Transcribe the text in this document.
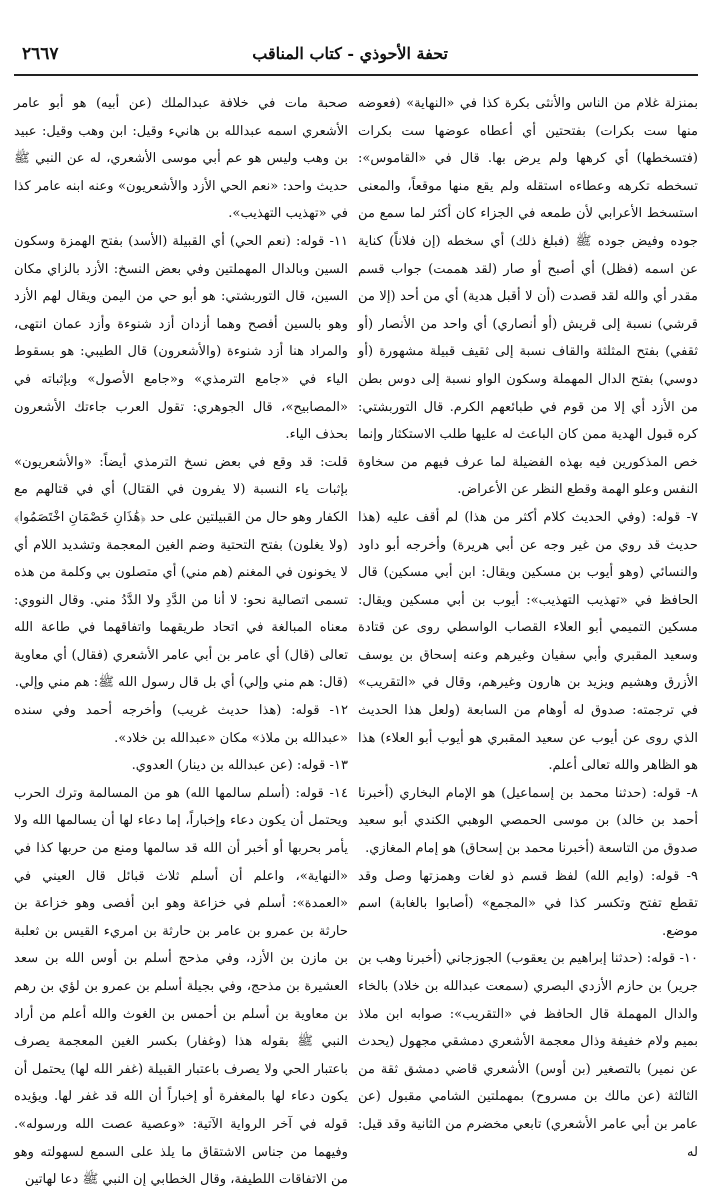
تحفة الأحوذي - كتاب المناقب
٢٦٦٧

بمنزلة غلام من الناس والأنثى بكرة كذا في «النهاية» (فعوضه منها ست بكرات) بفتحتين أي أعطاه عوضها ست بكرات (فتسخطها) أي كرهها ولم يرض بها. قال في «القاموس»: تسخطه تكرهه وعطاءه استقله ولم يقع منها موقعاً، والمعنى استسخط الأعرابي لأن طمعه في الجزاء كان أكثر لما سمع من جوده وفيض جوده ﷺ (فبلغ ذلك) أي سخطه (إن فلاناً) كناية عن اسمه (فظل) أي أصبح أو صار (لقد هممت) جواب قسم مقدر أي والله لقد قصدت (أن لا أقبل هدية) أي من أحد (إلا من قرشي) نسبة إلى قريش (أو أنصاري) أي واحد من الأنصار (أو ثقفي) بفتح المثلثة والقاف نسبة إلى ثقيف قبيلة مشهورة (أو دوسي) بفتح الدال المهملة وسكون الواو نسبة إلى دوس بطن من الأزد أي إلا من قوم في طبائعهم الكرم. قال التوربشتي: كره قبول الهدية ممن كان الباعث له عليها طلب الاستكثار وإنما خص المذكورين فيه بهذه الفضيلة لما عرف فيهم من سخاوة النفس وعلو الهمة وقطع النظر عن الأعراض.

٧- قوله: (وفي الحديث كلام أكثر من هذا) لم أقف عليه (هذا حديث قد روي من غير وجه عن أبي هريرة) وأخرجه أبو داود والنسائي (وهو أيوب بن مسكين ويقال: ابن أبي مسكين) قال الحافظ في «تهذيب التهذيب»: أيوب بن أبي مسكين ويقال: مسكين التميمي أبو العلاء القصاب الواسطي روى عن قتادة وسعيد المقبري وأبي سفيان وغيرهم وعنه إسحاق بن يوسف الأزرق وهشيم ويزيد بن هارون وغيرهم، وقال في «التقريب» في ترجمته: صدوق له أوهام من السابعة (ولعل هذا الحديث الذي روى عن أيوب عن سعيد المقبري هو أيوب أبو العلاء) هذا هو الظاهر والله تعالى أعلم.

٨- قوله: (حدثنا محمد بن إسماعيل) هو الإمام البخاري (أخبرنا أحمد بن خالد) بن موسى الحمصي الوهبي الكندي أبو سعيد صدوق من التاسعة (أخبرنا محمد بن إسحاق) هو إمام المغازي.

٩- قوله: (وايم الله) لفظ قسم ذو لغات وهمزتها وصل وقد تقطع تفتح وتكسر كذا في «المجمع» (أصابوا بالغابة) اسم موضع.

١٠- قوله: (حدثنا إبراهيم بن يعقوب) الجوزجاني (أخبرنا وهب بن جرير) بن حازم الأزدي البصري (سمعت عبدالله بن خلاد) بالخاء والدال المهملة قال الحافظ في «التقريب»: صوابه ابن ملاذ بميم ولام خفيفة وذال معجمة الأشعري دمشقي مجهول (يحدث عن نمير) بالتصغير (بن أوس) الأشعري قاضي دمشق ثقة من الثالثة (عن مالك بن مسروح) بمهملتين الشامي مقبول (عن عامر بن أبي عامر الأشعري) تابعي مخضرم من الثانية وقد قيل: له

صحبة مات في خلافة عبدالملك (عن أبيه) هو أبو عامر الأشعري اسمه عبدالله بن هانيء وقيل: ابن وهب وقيل: عبيد بن وهب وليس هو عم أبي موسى الأشعري، له عن النبي ﷺ حديث واحد: «نعم الحي الأزد والأشعريون» وعنه ابنه عامر كذا في «تهذيب التهذيب».

١١- قوله: (نعم الحي) أي القبيلة (الأسد) بفتح الهمزة وسكون السين وبالدال المهملتين وفي بعض النسخ: الأزد بالزاي مكان السين، قال التوربشتي: هو أبو حي من اليمن ويقال لهم الأزد وهو بالسين أفصح وهما أزدان أزد شنوءة وأزد عمان انتهى، والمراد هنا أزد شنوءة (والأشعرون) قال الطيبي: هو بسقوط الياء في «جامع الترمذي» و«جامع الأصول» وبإثباته في «المصابيح»، قال الجوهري: تقول العرب جاءتك الأشعرون بحذف الياء.

قلت: قد وقع في بعض نسخ الترمذي أيضاً: «والأشعريون» بإثبات ياء النسبة (لا يفرون في القتال) أي في قتالهم مع الكفار وهو حال من القبيلتين على حد ﴿هَٰذَانِ خَصْمَانِ اخْتَصَمُوا﴾ (ولا يغلون) بفتح التحتية وضم الغين المعجمة وتشديد اللام أي لا يخونون في المغنم (هم مني) أي متصلون بي وكلمة من هذه تسمى اتصالية نحو: لا أنا من الدَّدِ ولا الدَّدُ مني. وقال النووي: معناه المبالغة في اتحاد طريقهما واتفاقهما في طاعة الله تعالى (قال) أي عامر بن أبي عامر الأشعري (فقال) أي معاوية (قال: هم مني وإلي) أي بل قال رسول الله ﷺ: هم مني وإلي.

١٢- قوله: (هذا حديث غريب) وأخرجه أحمد وفي سنده «عبدالله بن ملاذ» مكان «عبدالله بن خلاد».

١٣- قوله: (عن عبدالله بن دينار) العدوي.

١٤- قوله: (أسلم سالمها الله) هو من المسالمة وترك الحرب ويحتمل أن يكون دعاء وإخباراً، إما دعاء لها أن يسالمها الله ولا يأمر بحربها أو أخبر أن الله قد سالمها ومنع من حربها كذا في «النهاية»، واعلم أن أسلم ثلاث قبائل قال العيني في «العمدة»: أسلم في خزاعة وهو ابن أفصى وهو خزاعة بن حارثة بن عمرو بن عامر بن حارثة بن امريء القيس بن ثعلبة بن مازن بن الأزد، وفي مذحج أسلم بن أوس الله بن سعد العشيرة بن مذحج، وفي بجيلة أسلم بن عمرو بن لؤي بن رهم بن معاوية بن أسلم بن أحمس بن الغوث والله أعلم من أراد النبي ﷺ بقوله هذا (وغفار) بكسر الغين المعجمة يصرف باعتبار الحي ولا يصرف باعتبار القبيلة (غفر الله لها) يحتمل أن يكون دعاء لها بالمغفرة أو إخباراً أن الله قد غفر لها. ويؤيده قوله في آخر الرواية الآتية: «وعصية عصت الله ورسوله». وفيهما من جناس الاشتقاق ما يلذ على السمع لسهولته وهو من الاتفاقات اللطيفة، وقال الخطابي إن النبي ﷺ دعا لهاتين
